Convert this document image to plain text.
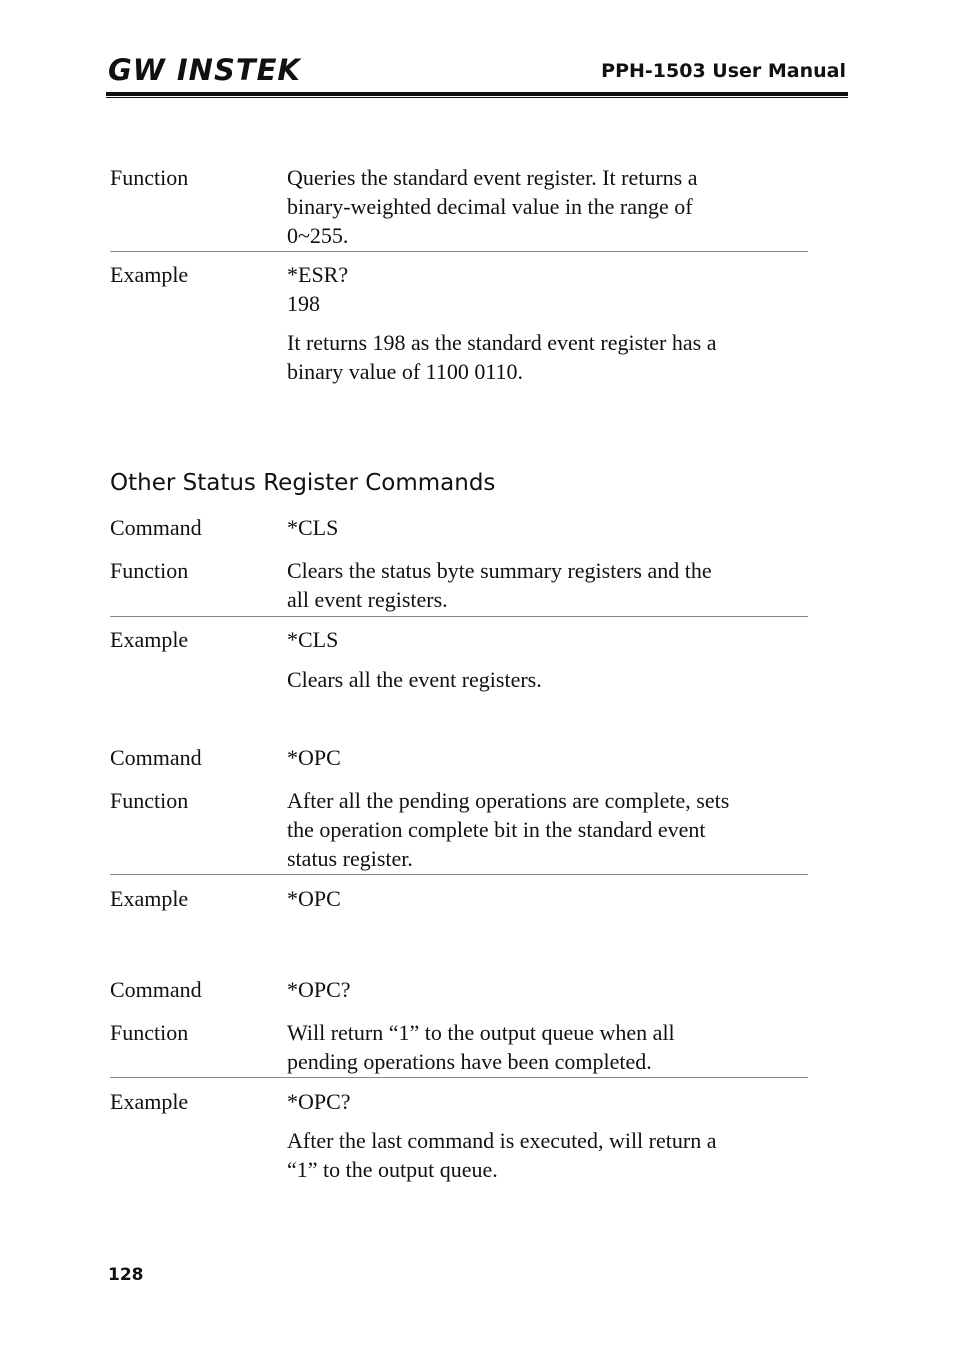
GW INSTEK	PPH-1503 User Manual
Function	Queries the standard event register. It returns a
binary-weighted decimal value in the range of
0~255.
Example	*ESR?
198
It returns 198 as the standard event register has a
binary value of 1100 0110.
Other Status Register Commands
Command	*CLS
Function	Clears the status byte summary registers and the
all event registers.
Example	*CLS
Clears all the event registers.
Command	*OPC
Function	After all the pending operations are complete, sets
the operation complete bit in the standard event
status register.
Example	*OPC
Command	*OPC?
Function	Will return “1” to the output queue when all
pending operations have been completed.
Example	*OPC?
After the last command is executed, will return a
“1” to the output queue.
128
